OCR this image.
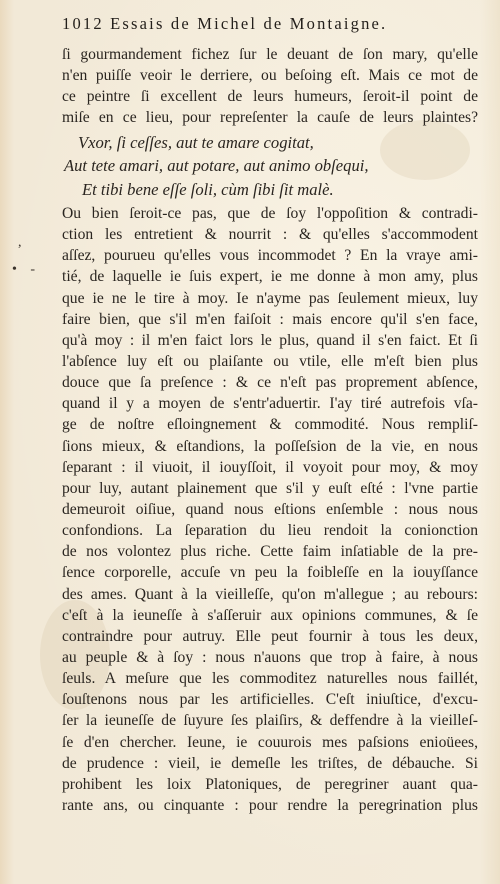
1012 Essais de Michel de Montaigne.
,
• -
ſi gourmandement fichez ſur le deuant de ſon mary, qu'elle
n'en puiſſe veoir le derriere, ou beſoing eſt. Mais ce mot de
ce peintre ſi excellent de leurs humeurs, ſeroit-il point de
miſe en ce lieu, pour repreſenter la cauſe de leurs plaintes?
Vxor, ſi ceſſes, aut te amare cogitat,
Aut tete amari, aut potare, aut animo obſequi,
Et tibi bene eſſe ſoli, cùm ſibi ſit malè.
Ou bien ſeroit-ce pas, que de ſoy l'oppoſition & contradi-
ction les entretient & nourrit : & qu'elles s'accommodent
aſſez, pourueu qu'elles vous incommodet ? En la vraye ami-
tié, de laquelle ie ſuis expert, ie me donne à mon amy, plus
que ie ne le tire à moy. Ie n'ayme pas ſeulement mieux, luy
faire bien, que s'il m'en faiſoit : mais encore qu'il s'en face,
qu'à moy : il m'en faict lors le plus, quand il s'en faict. Et ſi
l'abſence luy eſt ou plaiſante ou vtile, elle m'eſt bien plus
douce que ſa preſence : & ce n'eſt pas proprement abſence,
quand il y a moyen de s'entr'aduertir. I'ay tiré autrefois vſa-
ge de noſtre eſloingnement & commodité. Nous rempliſ-
ſions mieux, & eſtandions, la poſſeſsion de la vie, en nous
ſeparant : il viuoit, il iouyſſoit, il voyoit pour moy, & moy
pour luy, autant plainement que s'il y euſt eſté : l'vne partie
demeuroit oiſiue, quand nous eſtions enſemble : nous nous
confondions. La ſeparation du lieu rendoit la conionction
de nos volontez plus riche. Cette faim inſatiable de la pre-
ſence corporelle, accuſe vn peu la foibleſſe en la iouyſſance
des ames. Quant à la vieilleſſe, qu'on m'allegue ; au rebours:
c'eſt à la ieuneſſe à s'aſſeruir aux opinions communes, & ſe
contraindre pour autruy. Elle peut fournir à tous les deux,
au peuple & à ſoy : nous n'auons que trop à faire, à nous
ſeuls. A meſure que les commoditez naturelles nous faillét,
ſouſtenons nous par les artificielles. C'eſt iniuſtice, d'excu-
ſer la ieuneſſe de ſuyure ſes plaiſirs, & deffendre à la vieilleſ-
ſe d'en chercher. Ieune, ie couurois mes paſsions enioüees,
de prudence : vieil, ie demeſle les triſtes, de débauche. Si
prohibent les loix Platoniques, de peregriner auant qua-
rante ans, ou cinquante : pour rendre la peregrination plus
